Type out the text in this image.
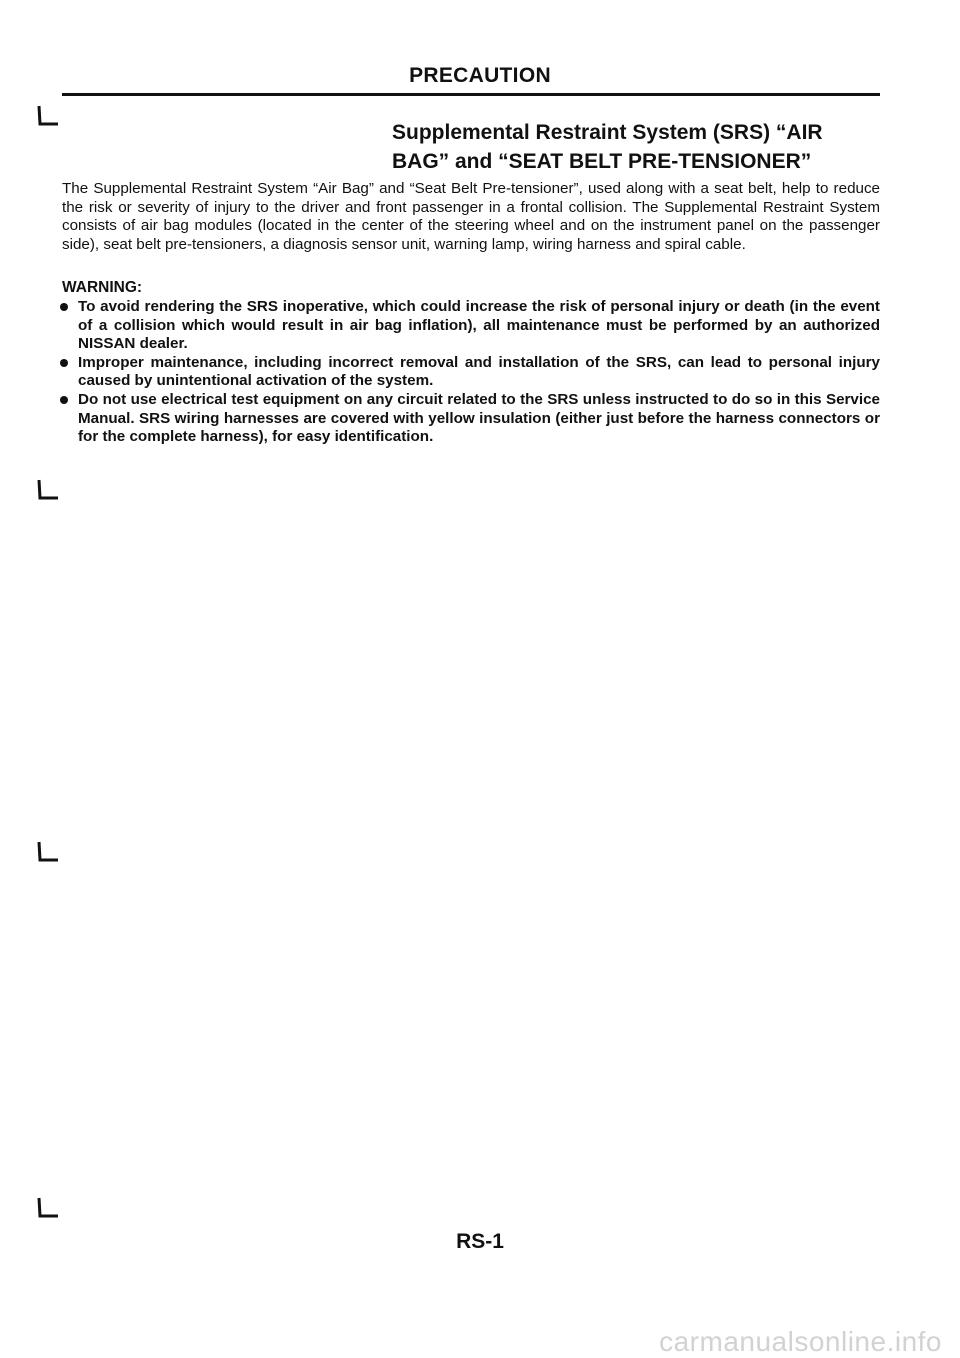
PRECAUTION
Supplemental Restraint System (SRS) “AIR
BAG” and “SEAT BELT PRE-TENSIONER”
The Supplemental Restraint System “Air Bag” and “Seat Belt Pre-tensioner”, used along with a seat belt, help to reduce the risk or severity of injury to the driver and front passenger in a frontal collision. The Supplemental Restraint System consists of air bag modules (located in the center of the steering wheel and on the instrument panel on the passenger side), seat belt pre-tensioners, a diagnosis sensor unit, warning lamp, wiring harness and spiral cable.
WARNING:
To avoid rendering the SRS inoperative, which could increase the risk of personal injury or death (in the event of a collision which would result in air bag inflation), all maintenance must be performed by an authorized NISSAN dealer.
Improper maintenance, including incorrect removal and installation of the SRS, can lead to personal injury caused by unintentional activation of the system.
Do not use electrical test equipment on any circuit related to the SRS unless instructed to do so in this Service Manual. SRS wiring harnesses are covered with yellow insulation (either just before the harness connectors or for the complete harness), for easy identification.
RS-1
carmanualsonline.info
